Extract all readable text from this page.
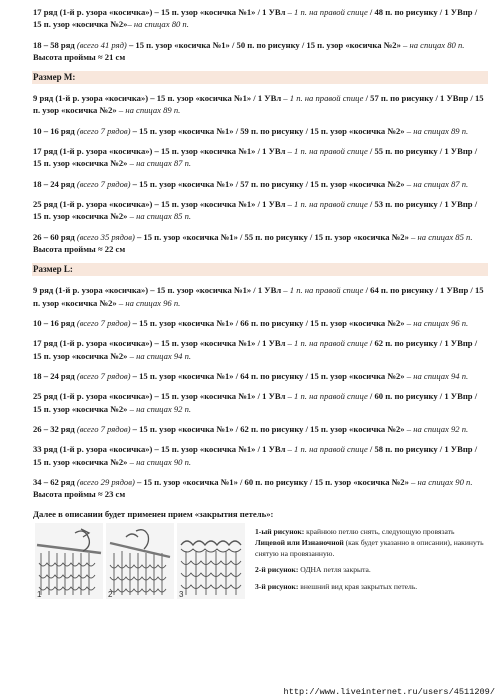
17 ряд (1-й р. узора «косичка») – 15 п. узор «косичка №1» / 1 УВл – 1 п. на правой спице / 48 п. по рисунку / 1 УВпр / 15 п. узор «косичка №2»– на спицах 80 п.

18 – 58 ряд (всего 41 ряд) – 15 п. узор «косичка №1» / 50 п. по рисунку / 15 п. узор «косичка №2» – на спицах 80 п. Высота проймы ≈ 21 см

Размер М:

9 ряд (1-й р. узора «косичка») – 15 п. узор «косичка №1» / 1 УВл – 1 п. на правой спице / 57 п. по рисунку / 1 УВпр / 15 п. узор «косичка №2» – на спицах 89 п.

10 – 16 ряд (всего 7 рядов) – 15 п. узор «косичка №1» / 59 п. по рисунку / 15 п. узор «косичка №2» – на спицах 89 п.

17 ряд (1-й р. узора «косичка») – 15 п. узор «косичка №1» / 1 УВл – 1 п. на правой спице / 55 п. по рисунку / 1 УВпр / 15 п. узор «косичка №2» – на спицах 87 п.

18 – 24 ряд (всего 7 рядов) – 15 п. узор «косичка №1» / 57 п. по рисунку / 15 п. узор «косичка №2» – на спицах 87 п.

25 ряд (1-й р. узора «косичка») – 15 п. узор «косичка №1» / 1 УВл – 1 п. на правой спице / 53 п. по рисунку / 1 УВпр / 15 п. узор «косичка №2» – на спицах 85 п.

26 – 60 ряд (всего 35 рядов) – 15 п. узор «косичка №1» / 55 п. по рисунку / 15 п. узор «косичка №2» – на спицах 85 п. Высота проймы ≈ 22 см

Размер L:

9 ряд (1-й р. узора «косичка») – 15 п. узор «косичка №1» / 1 УВл – 1 п. на правой спице / 64 п. по рисунку / 1 УВпр / 15 п. узор «косичка №2» – на спицах 96 п.

10 – 16 ряд (всего 7 рядов) – 15 п. узор «косичка №1» / 66 п. по рисунку / 15 п. узор «косичка №2» – на спицах 96 п.

17 ряд (1-й р. узора «косичка») – 15 п. узор «косичка №1» / 1 УВл – 1 п. на правой спице / 62 п. по рисунку / 1 УВпр / 15 п. узор «косичка №2» – на спицах 94 п.

18 – 24 ряд (всего 7 рядов) – 15 п. узор «косичка №1» / 64 п. по рисунку / 15 п. узор «косичка №2» – на спицах 94 п.

25 ряд (1-й р. узора «косичка») – 15 п. узор «косичка №1» / 1 УВл – 1 п. на правой спице / 60 п. по рисунку / 1 УВпр / 15 п. узор «косичка №2» – на спицах 92 п.

26 – 32 ряд (всего 7 рядов) – 15 п. узор «косичка №1» / 62 п. по рисунку / 15 п. узор «косичка №2» – на спицах 92 п.

33 ряд (1-й р. узора «косичка») – 15 п. узор «косичка №1» / 1 УВл – 1 п. на правой спице / 58 п. по рисунку / 1 УВпр / 15 п. узор «косичка №2» – на спицах 90 п.

34 – 62 ряд (всего 29 рядов) – 15 п. узор «косичка №1» / 60 п. по рисунку / 15 п. узор «косичка №2» – на спицах 90 п. Высота проймы ≈ 23 см

Далее в описании будет применен прием «закрытия петель»:
1	2	3

1-ый рисунок: крайнюю петлю снять, следующую провязать Лицевой или Изнаночной (как будет указанно в описании), накинуть снятую на провязанную.

2-й рисунок: ОДНА петля закрыта.

3-й рисунок: внешний вид края закрытых петель.

http://www.liveinternet.ru/users/4511209/
